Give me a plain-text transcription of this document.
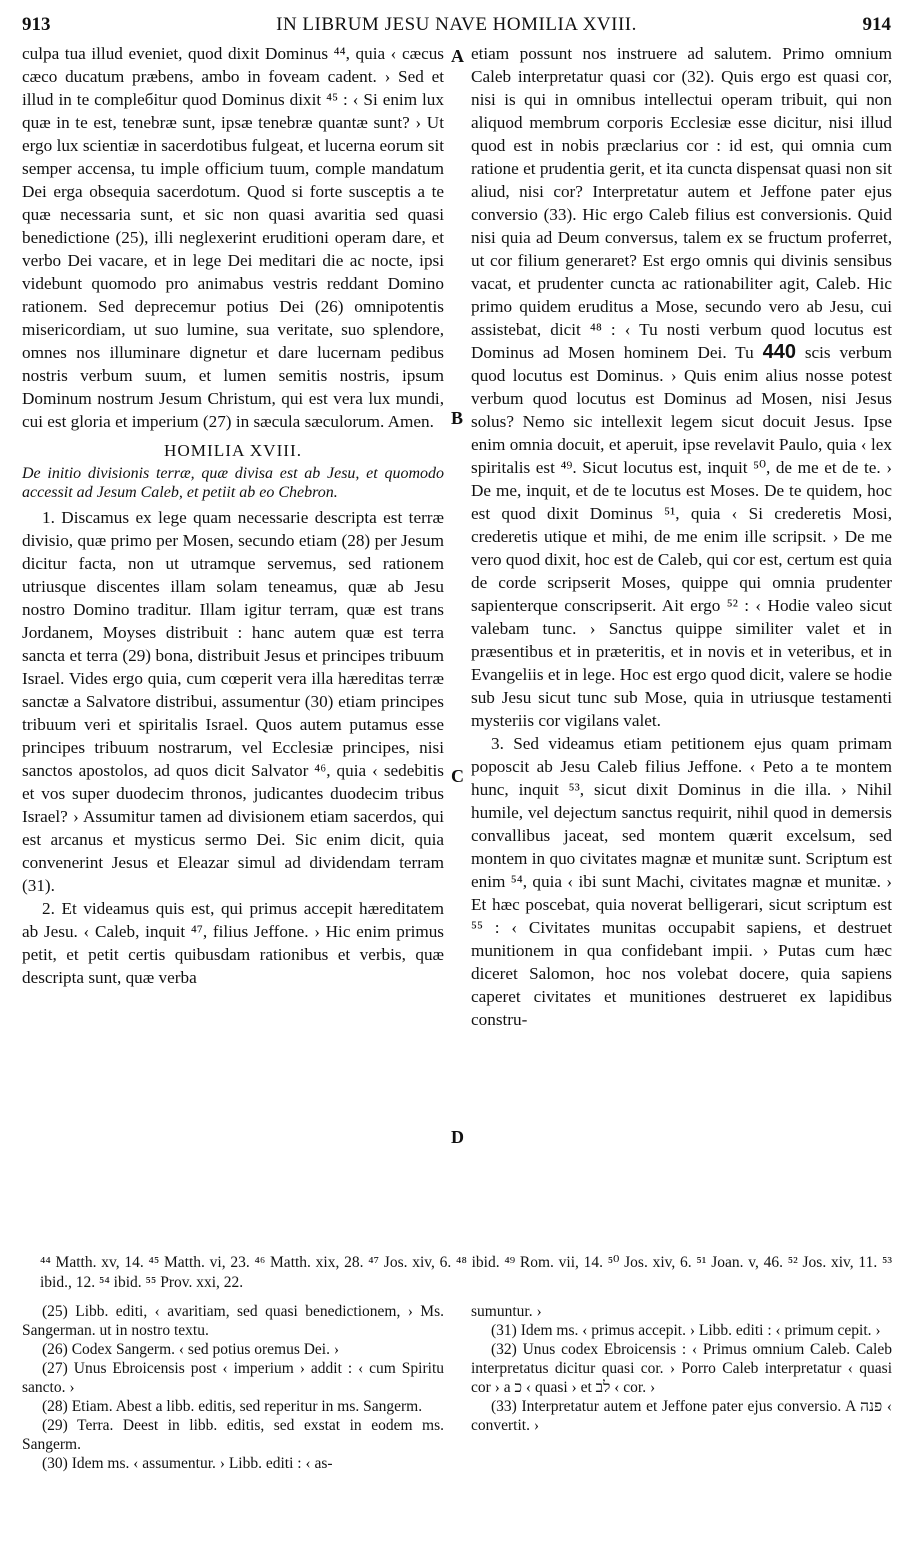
913	IN LIBRUM JESU NAVE HOMILIA XVIII.	914
A
B
C
D

culpa tua illud eveniet, quod dixit Dominus ⁴⁴, quia ‹ cæcus cæco ducatum præbens, ambo in foveam cadent. › Sed et illud in te compleбitur quod Dominus dixit ⁴⁵ : ‹ Si enim lux quæ in te est, tenebræ sunt, ipsæ tenebræ quantæ sunt? › Ut ergo lux scientiæ in sacerdotibus fulgeat, et lucerna eorum sit semper accensa, tu imple officium tuum, comple mandatum Dei erga obsequia sacerdotum. Quod si forte susceptis a te quæ necessaria sunt, et sic non quasi avaritia sed quasi benedictione (25), illi neglexerint eruditioni operam dare, et verbo Dei vacare, et in lege Dei meditari die ac nocte, ipsi videbunt quomodo pro animabus vestris reddant Domino rationem. Sed deprecemur potius Dei (26) omnipotentis misericordiam, ut suo lumine, sua veritate, suo splendore, omnes nos illuminare dignetur et dare lucernam pedibus nostris verbum suum, et lumen semitis nostris, ipsum Dominum nostrum Jesum Christum, qui est vera lux mundi, cui est gloria et imperium (27) in sæcula sæculorum. Amen.

HOMILIA XVIII.
De initio divisionis terræ, quæ divisa est ab Jesu, et quomodo accessit ad Jesum Caleb, et petiit ab eo Chebron.

1. Discamus ex lege quam necessarie descripta est terræ divisio, quæ primo per Mosen, secundo etiam (28) per Jesum dicitur facta, non ut utramque servemus, sed rationem utriusque discentes illam solam teneamus, quæ ab Jesu nostro Domino traditur. Illam igitur terram, quæ est trans Jordanem, Moyses distribuit : hanc autem quæ est terra sancta et terra (29) bona, distribuit Jesus et principes tribuum Israel. Vides ergo quia, cum cœperit vera illa hæreditas terræ sanctæ a Salvatore distribui, assumentur (30) etiam principes tribuum veri et spiritalis Israel. Quos autem putamus esse principes tribuum nostrarum, vel Ecclesiæ principes, nisi sanctos apostolos, ad quos dicit Salvator ⁴⁶, quia ‹ sedebitis et vos super duodecim thronos, judicantes duodecim tribus Israel? › Assumitur tamen ad divisionem etiam sacerdos, qui est arcanus et mysticus sermo Dei. Sic enim dicit, quia convenerint Jesus et Eleazar simul ad dividendam terram (31).

2. Et videamus quis est, qui primus accepit hæreditatem ab Jesu. ‹ Caleb, inquit ⁴⁷, filius Jeffone. › Hic enim primus petit, et petit certis quibusdam rationibus et verbis, quæ descripta sunt, quæ verba

etiam possunt nos instruere ad salutem. Primo omnium Caleb interpretatur quasi cor (32). Quis ergo est quasi cor, nisi is qui in omnibus intellectui operam tribuit, qui non aliquod membrum corporis Ecclesiæ esse dicitur, nisi illud quod est in nobis præclarius cor : id est, qui omnia cum ratione et prudentia gerit, et ita cuncta dispensat quasi non sit aliud, nisi cor? Interpretatur autem et Jeffone pater ejus conversio (33). Hic ergo Caleb filius est conversionis. Quid nisi quia ad Deum conversus, talem ex se fructum proferret, ut cor filium generaret? Est ergo omnis qui divinis sensibus vacat, et prudenter cuncta ac rationabiliter agit, Caleb. Hic primo quidem eruditus a Mose, secundo vero ab Jesu, cui assistebat, dicit ⁴⁸ : ‹ Tu nosti verbum quod locutus est Dominus ad Mosen hominem Dei. Tu 440 scis verbum quod locutus est Dominus. › Quis enim alius nosse potest verbum quod locutus est Dominus ad Mosen, nisi Jesus solus? Nemo sic intellexit legem sicut docuit Jesus. Ipse enim omnia docuit, et aperuit, ipse revelavit Paulo, quia ‹ lex spiritalis est ⁴⁹. Sicut locutus est, inquit ⁵⁰, de me et de te. › De me, inquit, et de te locutus est Moses. De te quidem, hoc est quod dixit Dominus ⁵¹, quia ‹ Si crederetis Mosi, crederetis utique et mihi, de me enim ille scripsit. › De me vero quod dixit, hoc est de Caleb, qui cor est, certum est quia de corde scripserit Moses, quippe qui omnia prudenter sapienterque conscripserit. Ait ergo ⁵² : ‹ Hodie valeo sicut valebam tunc. › Sanctus quippe similiter valet et in præsentibus et in præteritis, et in novis et in veteribus, et in Evangeliis et in lege. Hoc est ergo quod dicit, valere se hodie sub Jesu sicut tunc sub Mose, quia in utriusque testamenti mysteriis cor vigilans valet.

3. Sed videamus etiam petitionem ejus quam primam poposcit ab Jesu Caleb filius Jeffone. ‹ Peto a te montem hunc, inquit ⁵³, sicut dixit Dominus in die illa. › Nihil humile, vel dejectum sanctus requirit, nihil quod in demersis convallibus jaceat, sed montem quærit excelsum, sed montem in quo civitates magnæ et munitæ sunt. Scriptum est enim ⁵⁴, quia ‹ ibi sunt Machi, civitates magnæ et munitæ. › Et hæc poscebat, quia noverat belligerari, sicut scriptum est ⁵⁵ : ‹ Civitates munitas occupabit sapiens, et destruet munitionem in qua confidebant impii. › Putas cum hæc diceret Salomon, hoc nos volebat docere, quia sapiens caperet civitates et munitiones destrueret ex lapidibus constru-

⁴⁴ Matth. xv, 14. ⁴⁵ Matth. vi, 23. ⁴⁶ Matth. xix, 28. ⁴⁷ Jos. xiv, 6. ⁴⁸ ibid. ⁴⁹ Rom. vii, 14. ⁵⁰ Jos. xiv, 6. ⁵¹ Joan. v, 46. ⁵² Jos. xiv, 11. ⁵³ ibid., 12. ⁵⁴ ibid. ⁵⁵ Prov. xxi, 22.

(25) Libb. editi, ‹ avaritiam, sed quasi benedictionem, › Ms. Sangerman. ut in nostro textu.

(26) Codex Sangerm. ‹ sed potius oremus Dei. ›

(27) Unus Ebroicensis post ‹ imperium › addit : ‹ cum Spiritu sancto. ›

(28) Etiam. Abest a libb. editis, sed reperitur in ms. Sangerm.

(29) Terra. Deest in libb. editis, sed exstat in eodem ms. Sangerm.

(30) Idem ms. ‹ assumentur. › Libb. editi : ‹ as-

sumuntur. ›

(31) Idem ms. ‹ primus accepit. › Libb. editi : ‹ primum cepit. ›

(32) Unus codex Ebroicensis : ‹ Primus omnium Caleb. Caleb interpretatus dicitur quasi cor. › Porro Caleb interpretatur ‹ quasi cor › a כ ‹ quasi › et לב ‹ cor. ›

(33) Interpretatur autem et Jeffone pater ejus conversio. A פנה ‹ convertit. ›
